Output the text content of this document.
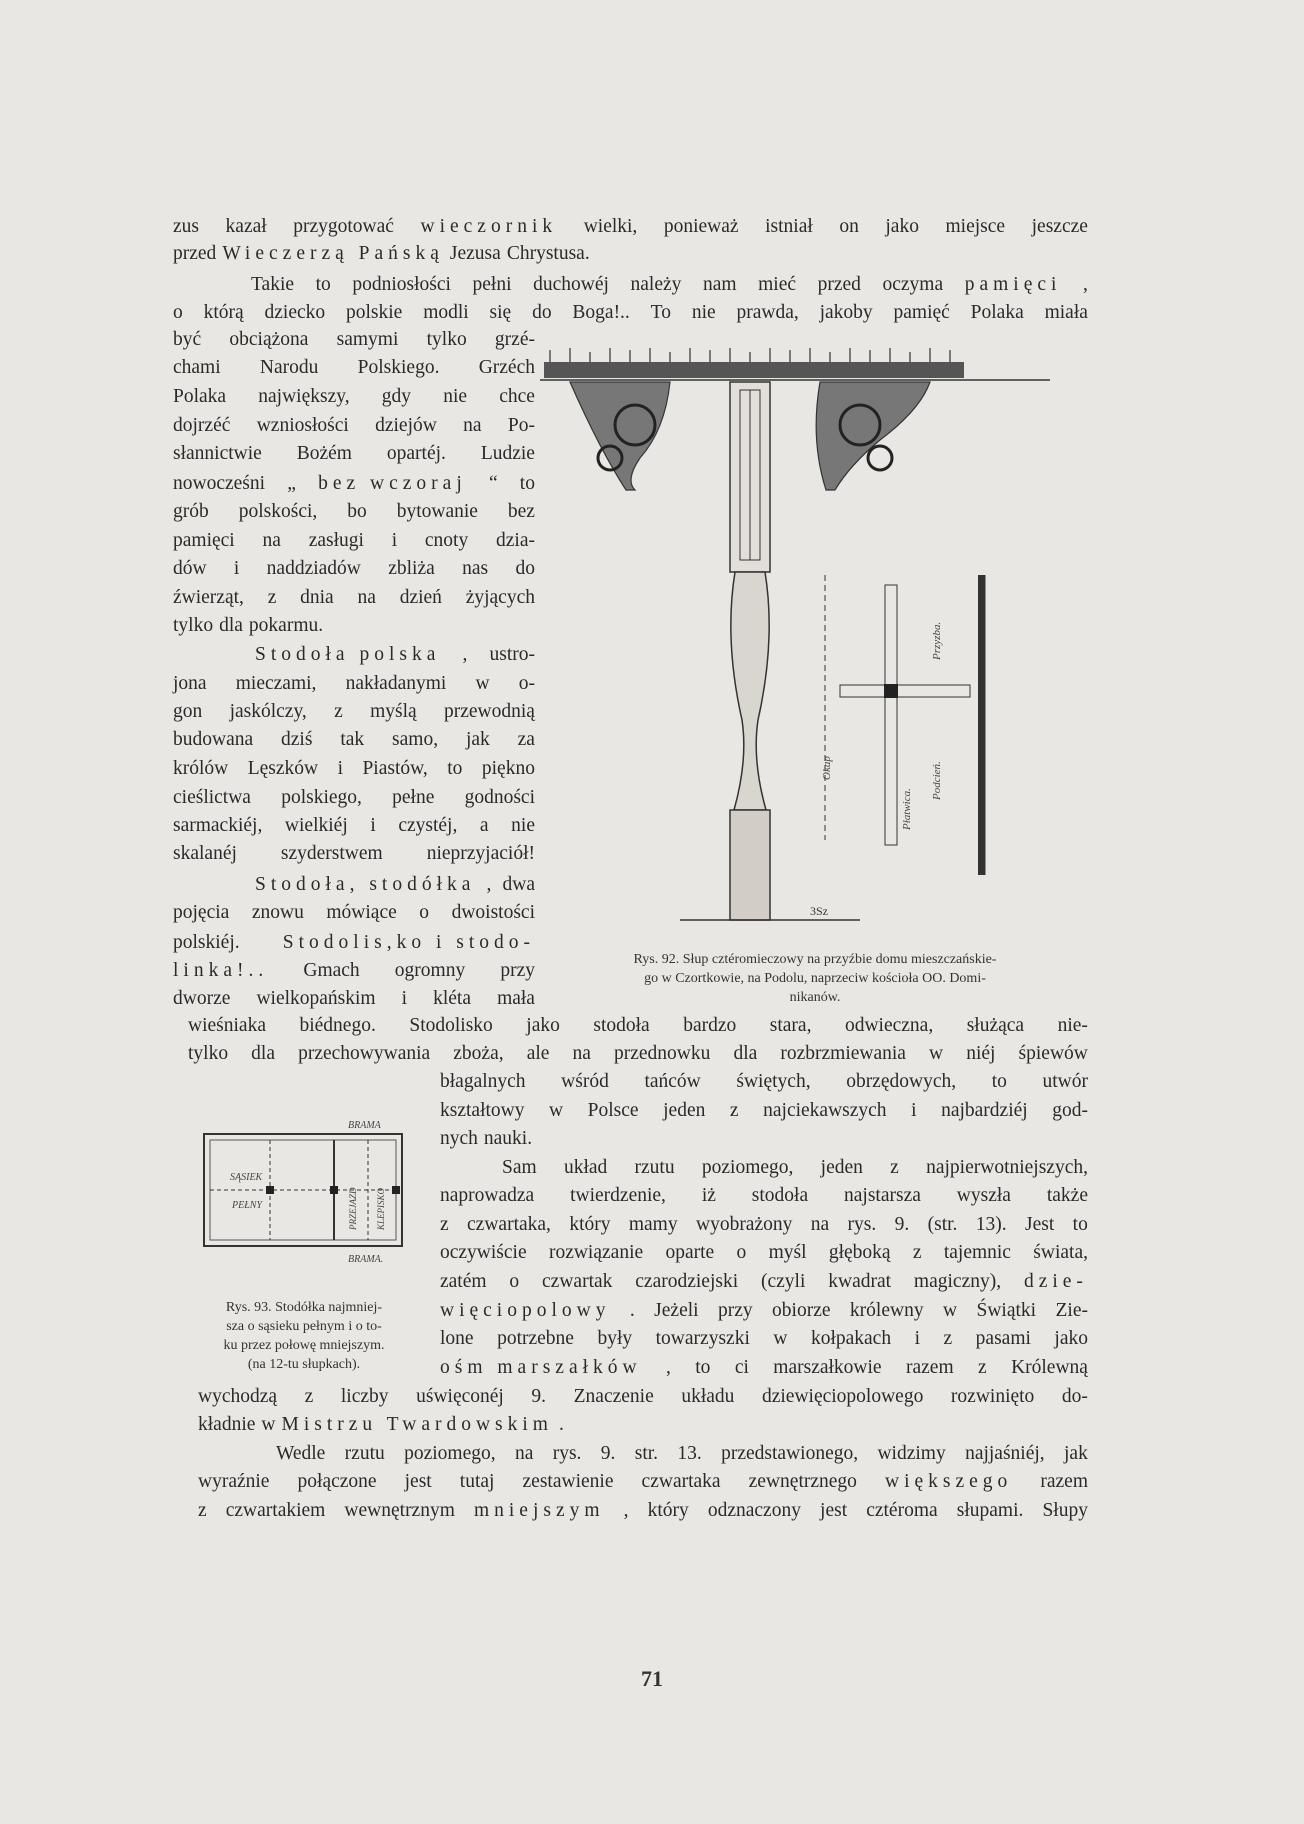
zus kazał przygotować wieczornik wielki, ponieważ istniał on jako miejsce jeszcze
przed Wieczerzą Pańską Jezusa Chrystusa.
Takie to podniosłości pełni duchowéj należy nam mieć przed oczyma pamięci ,
o którą dziecko polskie modli się do Boga!.. To nie prawda, jakoby pamięć Polaka miała
być obciążona samymi tylko grzé-
chami Narodu Polskiego. Grzéch
Polaka największy, gdy nie chce
dojrzéć wzniosłości dziejów na Po-
słannictwie Bożém opartéj. Ludzie
nowocześni „ bez wczoraj “ to
grób polskości, bo bytowanie bez
pamięci na zasługi i cnoty dzia-
dów i naddziadów zbliża nas do
źwierząt, z dnia na dzień żyjących
tylko dla pokarmu.
Stodoła polska , ustro-
jona mieczami, nakładanymi w o-
gon jaskólczy, z myślą przewodnią
budowana dziś tak samo, jak za
królów Lęszków i Piastów, to piękno
cieślictwa polskiego, pełne godności
sarmackiéj, wielkiéj i czystéj, a nie
skalanéj szyderstwem nieprzyjaciół!
Stodoła, stodółka , dwa
pojęcia znowu mówiące o dwoistości
polskiéj. Stodolis,ko i stodo-
linka!.. Gmach ogromny przy
dworze wielkopańskim i kléta mała
wieśniaka biédnego. Stodolisko jako stodoła bardzo stara, odwieczna, służąca nie-
tylko dla przechowywania zboża, ale na przednowku dla rozbrzmiewania w niéj śpiewów
błagalnych wśród tańców świętych, obrzędowych, to utwór
kształtowy w Polsce jeden z najciekawszych i najbardziéj god-
nych nauki.
Sam układ rzutu poziomego, jeden z najpierwotniejszych,
naprowadza twierdzenie, iż stodoła najstarsza wyszła także
z czwartaka, który mamy wyobrażony na rys. 9. (str. 13). Jest to
oczywiście rozwiązanie oparte o myśl głęboką z tajemnic świata,
zatém o czwartak czarodziejski (czyli kwadrat magiczny), dzie-
więciopolowy . Jeżeli przy obiorze królewny w Świątki Zie-
lone potrzebne były towarzyszki w kołpakach i z pasami jako
ośm marszałków , to ci marszałkowie razem z Królewną
wychodzą z liczby uświęconéj 9. Znaczenie układu dziewięciopolowego rozwinięto do-
kładnie w Mistrzu Twardowskim .
Wedle rzutu poziomego, na rys. 9. str. 13. przedstawionego, widzimy najjaśniéj, jak
wyraźnie połączone jest tutaj zestawienie czwartaka zewnętrznego większego razem
z czwartakiem wewnętrznym mniejszym , który odznaczony jest cztéroma słupami. Słupy
3Sz
Okap
Płatwica.
Przyzba.
Podcień.
BRAMA
SĄSIEK
PEŁNY	PRZEJAZD KLEPISKO
BRAMA.
Rys. 92. Słup cztéromieczowy na przyźbie domu mieszczańskie-
go w Czortkowie, na Podolu, naprzeciw kościoła OO. Domi-
nikanów.
Rys. 93. Stodółka najmniej-
sza o sąsieku pełnym i o to-
ku przez połowę mniejszym.
(na 12-tu słupkach).
71
